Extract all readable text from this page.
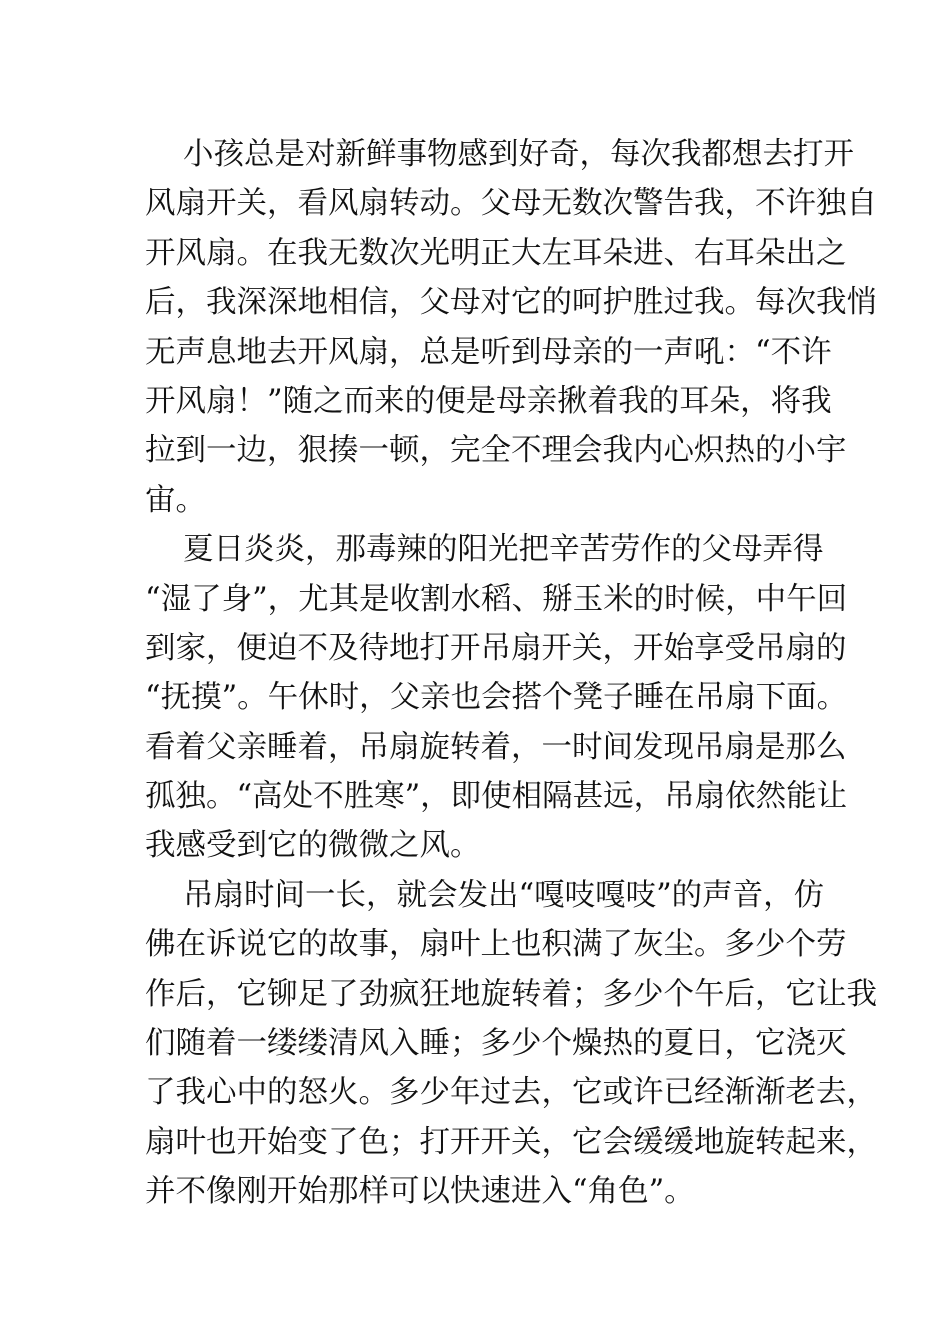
小孩总是对新鲜事物感到好奇，每次我都想去打开
风扇开关，看风扇转动。父母无数次警告我，不许独自
开风扇。在我无数次光明正大左耳朵进、右耳朵出之
后，我深深地相信，父母对它的呵护胜过我。每次我悄
无声息地去开风扇，总是听到母亲的一声吼：“不许
开风扇！”随之而来的便是母亲揪着我的耳朵，将我
拉到一边，狠揍一顿，完全不理会我内心炽热的小宇
宙。
夏日炎炎，那毒辣的阳光把辛苦劳作的父母弄得
“湿了身”，尤其是收割水稻、掰玉米的时候，中午回
到家，便迫不及待地打开吊扇开关，开始享受吊扇的
“抚摸”。午休时，父亲也会搭个凳子睡在吊扇下面。
看着父亲睡着，吊扇旋转着，一时间发现吊扇是那么
孤独。“高处不胜寒”，即使相隔甚远，吊扇依然能让
我感受到它的微微之风。
吊扇时间一长，就会发出“嘎吱嘎吱”的声音，仿
佛在诉说它的故事，扇叶上也积满了灰尘。多少个劳
作后，它铆足了劲疯狂地旋转着；多少个午后，它让我
们随着一缕缕清风入睡；多少个燥热的夏日，它浇灭
了我心中的怒火。多少年过去，它或许已经渐渐老去，
扇叶也开始变了色；打开开关，它会缓缓地旋转起来，
并不像刚开始那样可以快速进入“角色”。
